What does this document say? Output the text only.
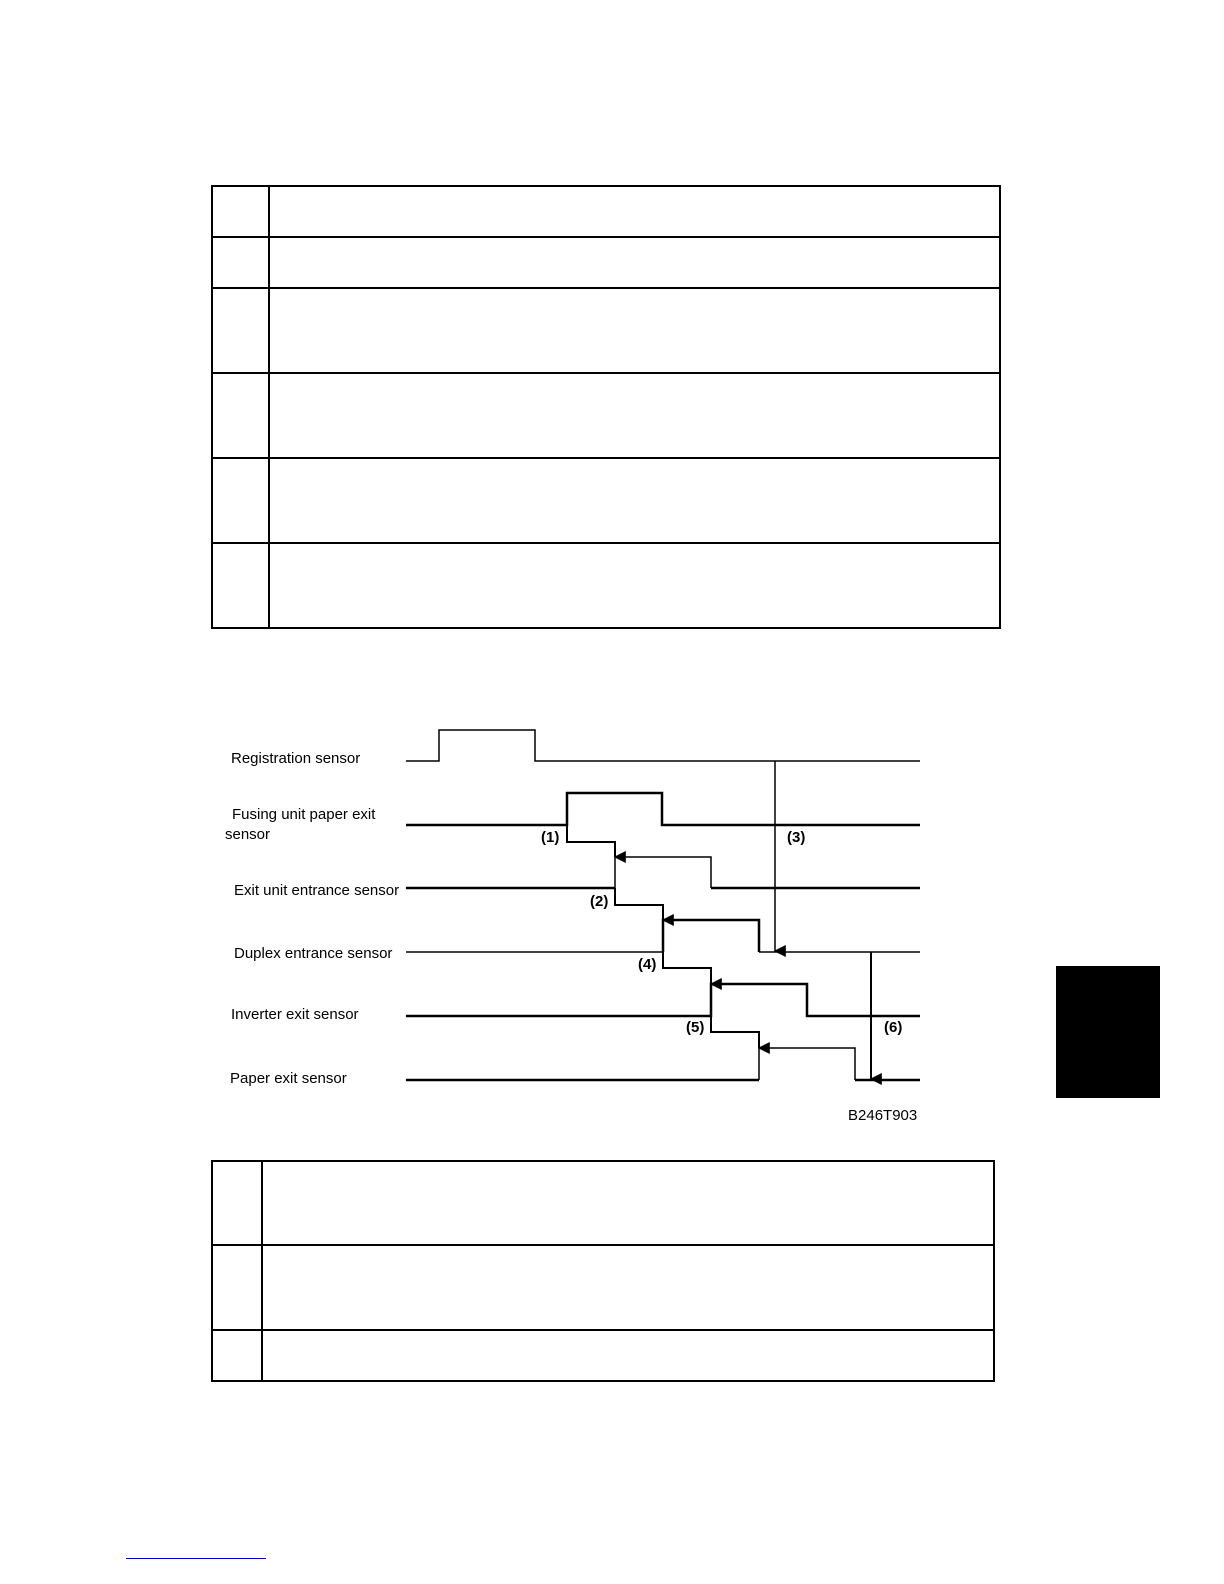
Registration sensor
Fusing unit paper exit
sensor
Exit unit entrance sensor
Duplex entrance sensor
Inverter exit sensor
Paper exit sensor
(1)
(2)
(3)
(4)
(5)	(6)
B246T903
